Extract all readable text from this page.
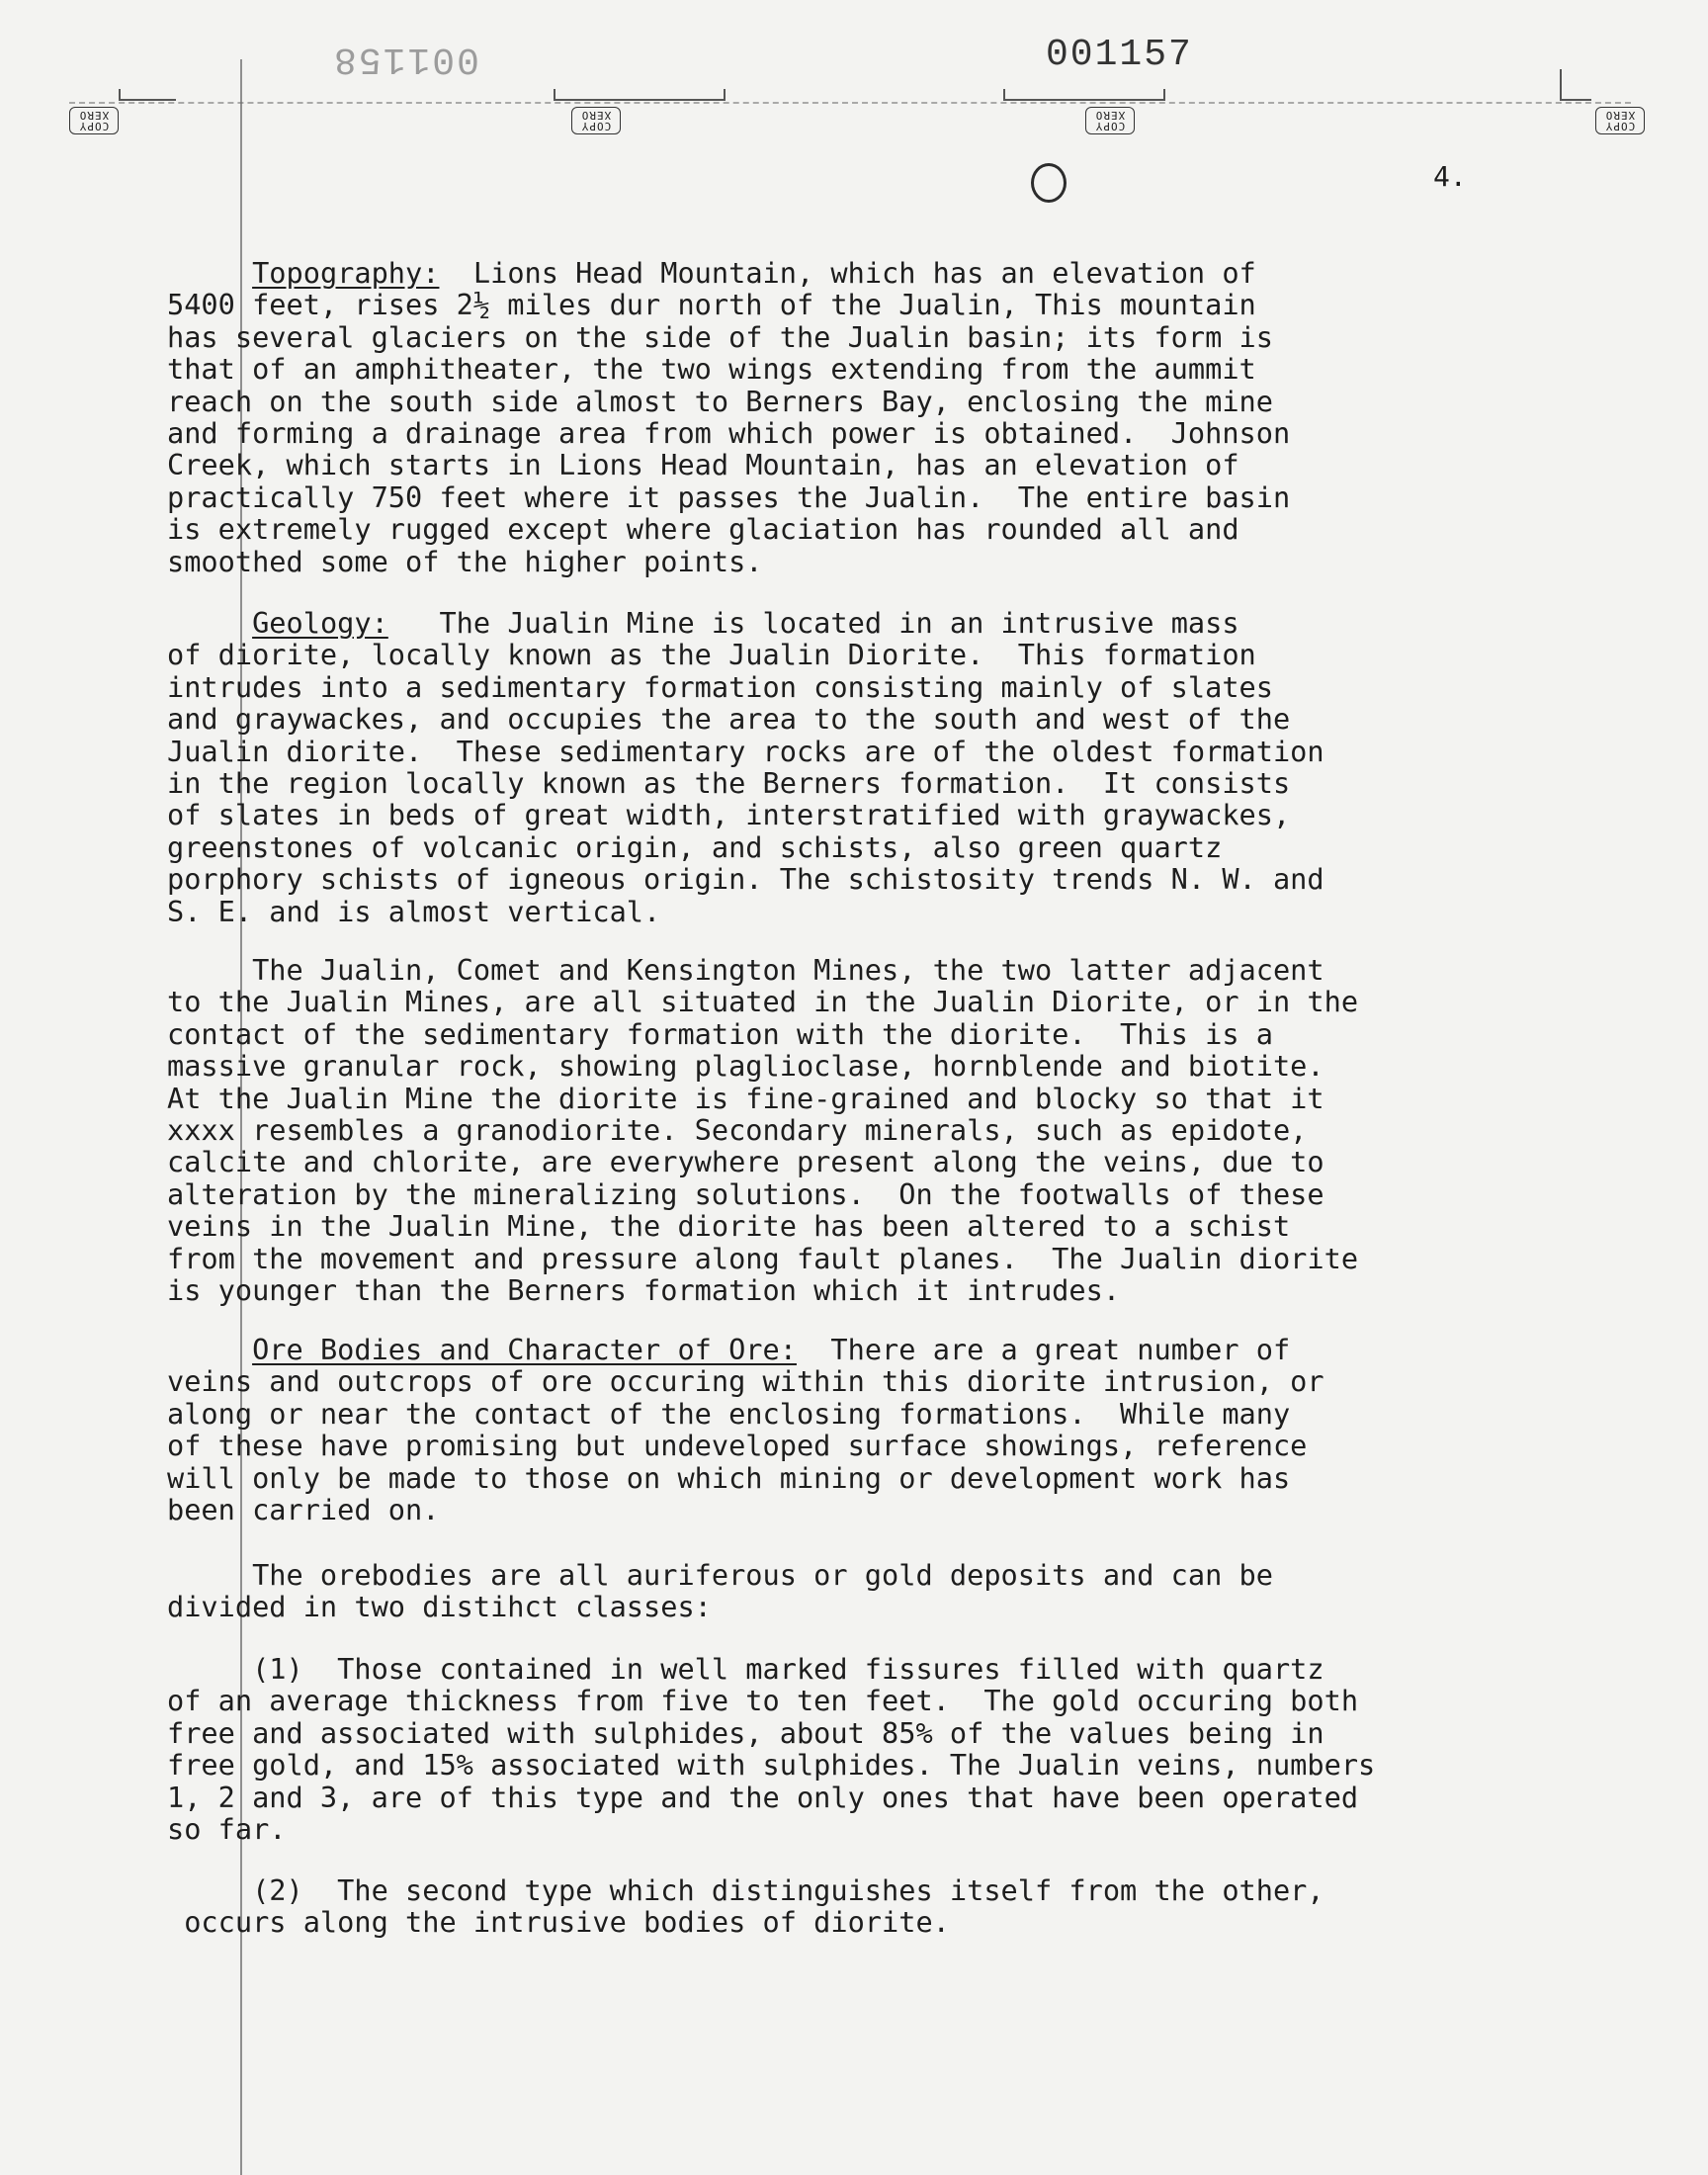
COPY
XERO
COPY
XERO
COPY
XERO
COPY
XERO
001158	001157
4.
Topography:  Lions Head Mountain, which has an elevation of
5400 feet, rises 2½ miles dur north of the Jualin, This mountain
has several glaciers on the side of the Jualin basin; its form is
that of an amphitheater, the two wings extending from the aummit
reach on the south side almost to Berners Bay, enclosing the mine
and forming a drainage area from which power is obtained.  Johnson
Creek, which starts in Lions Head Mountain, has an elevation of
practically 750 feet where it passes the Jualin.  The entire basin
is extremely rugged except where glaciation has rounded all and
smoothed some of the higher points.
Geology:   The Jualin Mine is located in an intrusive mass
of diorite, locally known as the Jualin Diorite.  This formation
intrudes into a sedimentary formation consisting mainly of slates
and graywackes, and occupies the area to the south and west of the
Jualin diorite.  These sedimentary rocks are of the oldest formation
in the region locally known as the Berners formation.  It consists
of slates in beds of great width, interstratified with graywackes,
greenstones of volcanic origin, and schists, also green quartz
porphory schists of igneous origin. The schistosity trends N. W. and
S. E. and is almost vertical.
The Jualin, Comet and Kensington Mines, the two latter adjacent
to the Jualin Mines, are all situated in the Jualin Diorite, or in the
contact of the sedimentary formation with the diorite.  This is a
massive granular rock, showing plaglioclase, hornblende and biotite.
At the Jualin Mine the diorite is fine-grained and blocky so that it
xxxx resembles a granodiorite. Secondary minerals, such as epidote,
calcite and chlorite, are everywhere present along the veins, due to
alteration by the mineralizing solutions.  On the footwalls of these
veins in the Jualin Mine, the diorite has been altered to a schist
from the movement and pressure along fault planes.  The Jualin diorite
is younger than the Berners formation which it intrudes.
Ore Bodies and Character of Ore:  There are a great number of
veins and outcrops of ore occuring within this diorite intrusion, or
along or near the contact of the enclosing formations.  While many
of these have promising but undeveloped surface showings, reference
will only be made to those on which mining or development work has
been carried on.
The orebodies are all auriferous or gold deposits and can be
divided in two distihct classes:
(1)  Those contained in well marked fissures filled with quartz
of an average thickness from five to ten feet.  The gold occuring both
free and associated with sulphides, about 85% of the values being in
free gold, and 15% associated with sulphides. The Jualin veins, numbers
1, 2 and 3, are of this type and the only ones that have been operated
so far.
(2)  The second type which distinguishes itself from the other,
occurs along the intrusive bodies of diorite.
